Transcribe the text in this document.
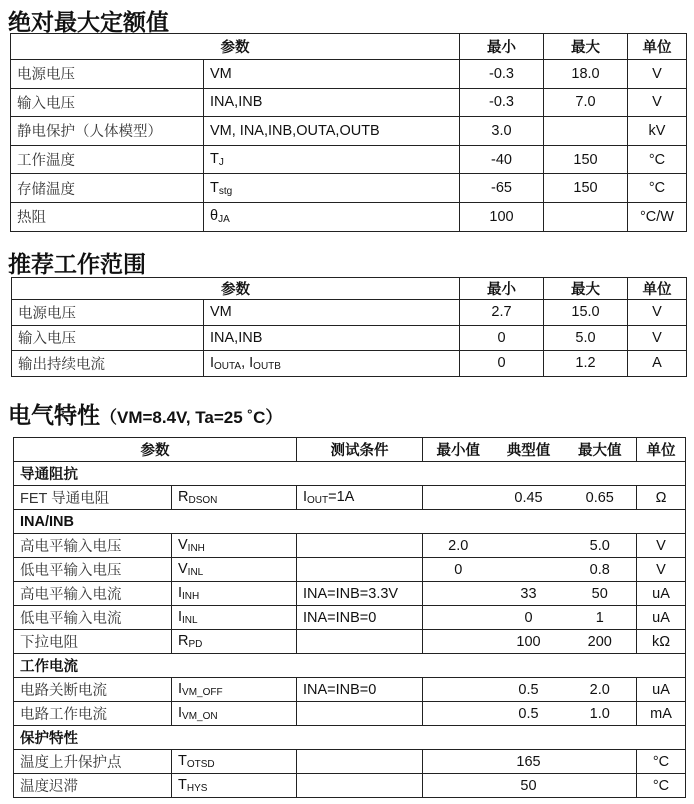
绝对最大定额值
参数		最小	最大	单位
电源电压	VM	-0.3	18.0	V
输入电压	INA,INB	-0.3	7.0	V
静电保护（人体模型）	VM, INA,INB,OUTA,OUTB	3.0		kV
工作温度	$T_J$	-40	150	°C
存储温度	$T_{stg}$	-65	150	°C
热阻	$\theta_{JA}$	100		°C/W
推荐工作范围
参数		最小	最大	单位
电源电压	VM	2.7	15.0	V
输入电压	INA,INB	0	5.0	V
输出持续电流	$I_{OUTA}$, $I_{OUTB}$	0	1.2	A
电气特性（VM=8.4V, Ta=25 ˚C）
参数		测试条件	最小值	典型值	最大值	单位
导通阻抗						
FET 导通电阻	$R_{DSON}$	$I_{OUT}=1A$		0.45	0.65	Ω
INA/INB						
高电平输入电压	$V_{INH}$		2.0		5.0	V
低电平输入电压	$V_{INL}$		0		0.8	V
高电平输入电流	$I_{INH}$	INA=INB=3.3V		33	50	uA
低电平输入电流	$I_{INL}$	INA=INB=0		0	1	uA
下拉电阻	$R_{PD}$			100	200	kΩ
工作电流						
电路关断电流	$I_{VM\_OFF}$	INA=INB=0		0.5	2.0	uA
电路工作电流	$I_{VM\_ON}$			0.5	1.0	mA
保护特性						
温度上升保护点	$T_{OTSD}$			165		°C
温度迟滞	$T_{HYS}$			50		°C
